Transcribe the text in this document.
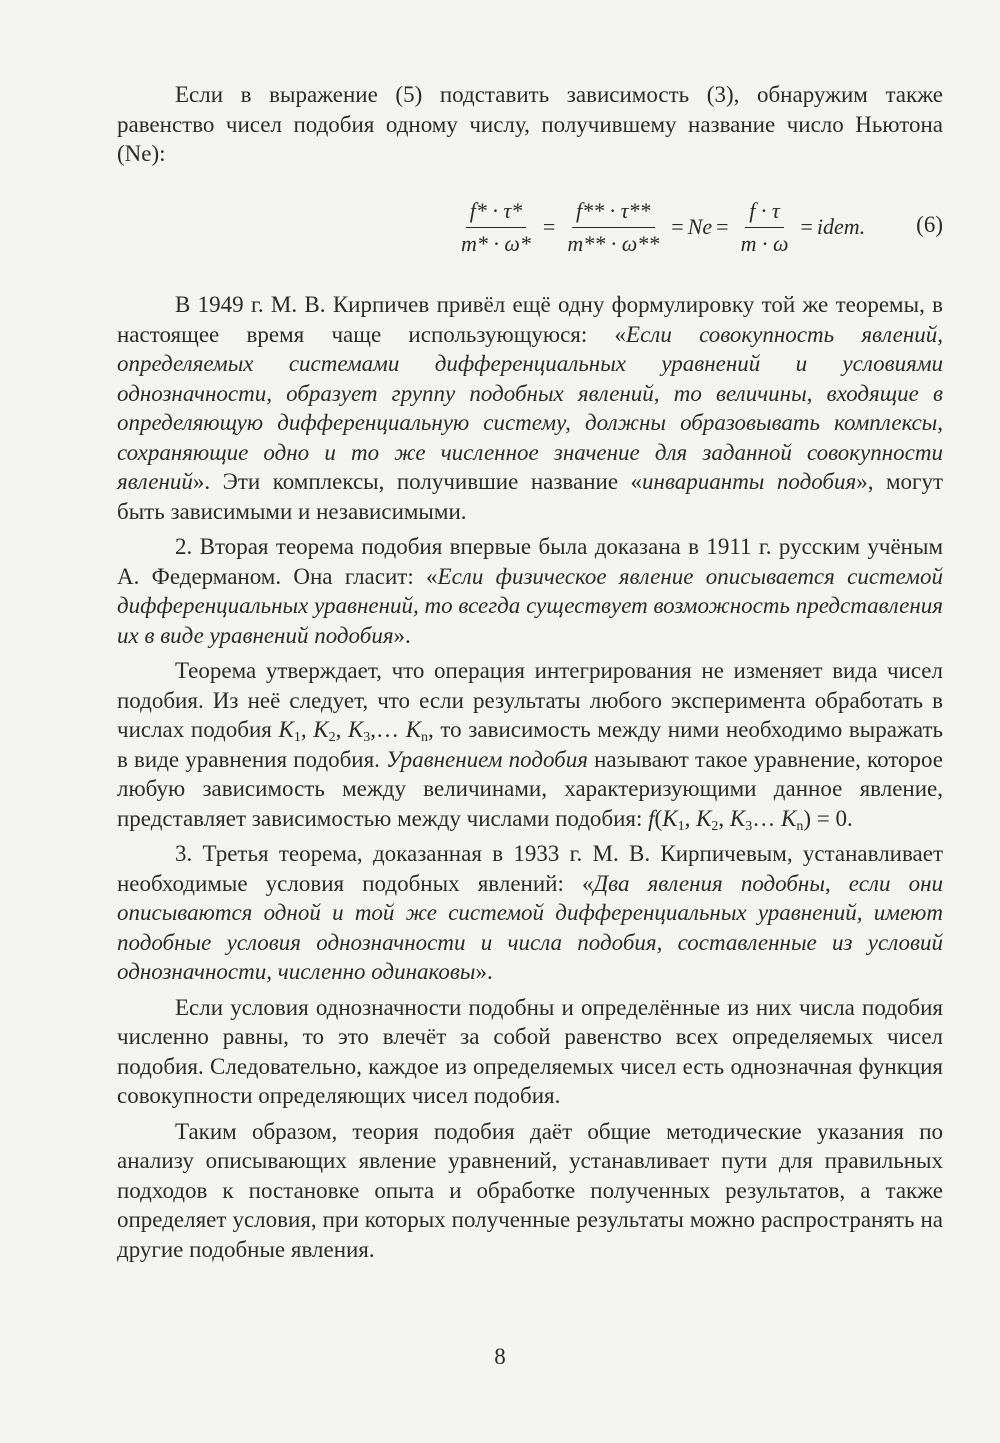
Если в выражение (5) подставить зависимость (3), обнаружим также равенство чисел подобия одному числу, получившему название число Ньютона (Ne):

$\frac{f* \cdot \tau*}{m* \cdot \omega*} = \frac{f** \cdot \tau**}{m** \cdot \omega**} = Ne = \frac{f \cdot \tau}{m \cdot \omega}$ = idem. (6)

В 1949 г. М. В. Кирпичев привёл ещё одну формулировку той же теоремы, в настоящее время чаще использующуюся: «Если совокупность явлений, определяемых системами дифференциальных уравнений и условиями однозначности, образует группу подобных явлений, то величины, входящие в определяющую дифференциальную систему, должны образовывать комплексы, сохраняющие одно и то же численное значение для заданной совокупности явлений». Эти комплексы, получившие название «инварианты подобия», могут быть зависимыми и независимыми.

2. Вторая теорема подобия впервые была доказана в 1911 г. русским учёным А. Федерманом. Она гласит: «Если физическое явление описывается системой дифференциальных уравнений, то всегда существует возможность представления их в виде уравнений подобия».

Теорема утверждает, что операция интегрирования не изменяет вида чисел подобия. Из неё следует, что если результаты любого эксперимента обработать в числах подобия $K_1$, $K_2$, $K_3,\dots$ $K_n$, то зависимость между ними необходимо выражать в виде уравнения подобия. Уравнением подобия называют такое уравнение, которое любую зависимость между величинами, характеризующими данное явление, представляет зависимостью между числами подобия: $f(K_1$, $K_2$, $K_3\dots$ $K_n) = 0$.

3. Третья теорема, доказанная в 1933 г. М. В. Кирпичевым, устанавливает необходимые условия подобных явлений: «Два явления подобны, если они описываются одной и той же системой дифференциальных уравнений, имеют подобные условия однозначности и числа подобия, составленные из условий однозначности, численно одинаковы».

Если условия однозначности подобны и определённые из них числа подобия численно равны, то это влечёт за собой равенство всех определяемых чисел подобия. Следовательно, каждое из определяемых чисел есть однозначная функция совокупности определяющих чисел подобия.

Таким образом, теория подобия даёт общие методические указания по анализу описывающих явление уравнений, устанавливает пути для правильных подходов к постановке опыта и обработке полученных результатов, а также определяет условия, при которых полученные результаты можно распространять на другие подобные явления.

8
